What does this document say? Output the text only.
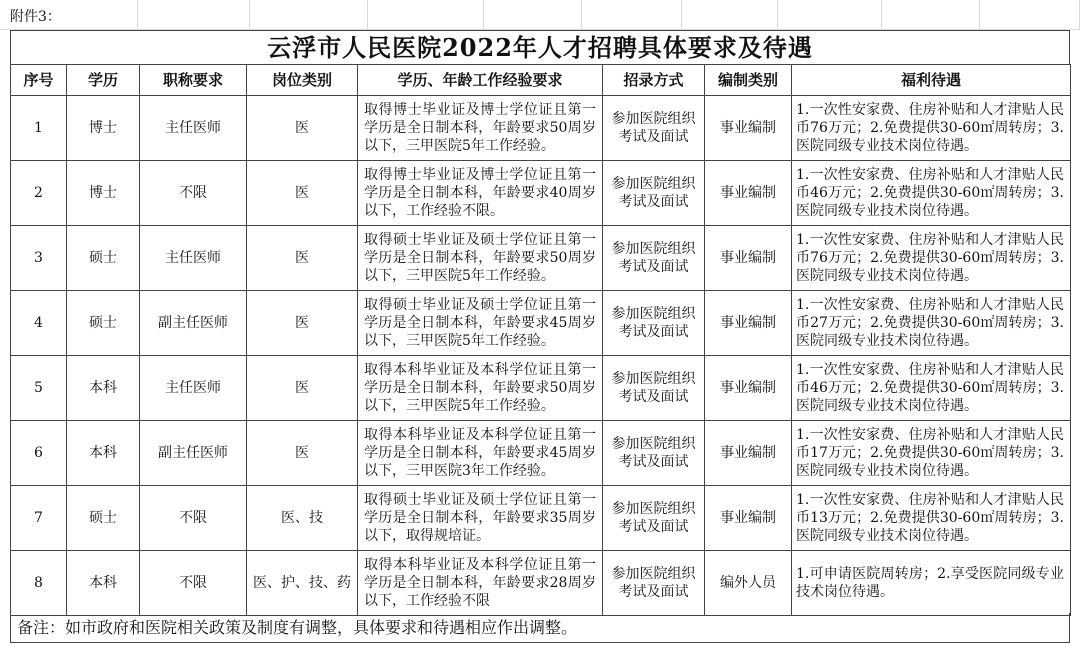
附件3：
云浮市人民医院2022年人才招聘具体要求及待遇
序号	学历	职称要求	岗位类别	学历、年龄工作经验要求	招录方式	编制类别	福利待遇
1	博士	主任医师	医	取得博士毕业证及博士学位证且第一学历是全日制本科，年龄要求50周岁以下，三甲医院5年工作经验。	参加医院组织考试及面试	事业编制	1.一次性安家费、住房补贴和人才津贴人民币76万元；2.免费提供30-60㎡周转房；3.医院同级专业技术岗位待遇。
2	博士	不限	医	取得博士毕业证及博士学位证且第一学历是全日制本科，年龄要求40周岁以下，工作经验不限。	参加医院组织考试及面试	事业编制	1.一次性安家费、住房补贴和人才津贴人民币46万元；2.免费提供30-60㎡周转房；3.医院同级专业技术岗位待遇。
3	硕士	主任医师	医	取得硕士毕业证及硕士学位证且第一学历是全日制本科，年龄要求50周岁以下，三甲医院5年工作经验。	参加医院组织考试及面试	事业编制	1.一次性安家费、住房补贴和人才津贴人民币76万元；2.免费提供30-60㎡周转房；3.医院同级专业技术岗位待遇。
4	硕士	副主任医师	医	取得硕士毕业证及硕士学位证且第一学历是全日制本科，年龄要求45周岁以下，三甲医院5年工作经验。	参加医院组织考试及面试	事业编制	1.一次性安家费、住房补贴和人才津贴人民币27万元；2.免费提供30-60㎡周转房；3.医院同级专业技术岗位待遇。
5	本科	主任医师	医	取得本科毕业证及本科学位证且第一学历是全日制本科，年龄要求50周岁以下，三甲医院5年工作经验。	参加医院组织考试及面试	事业编制	1.一次性安家费、住房补贴和人才津贴人民币46万元；2.免费提供30-60㎡周转房；3.医院同级专业技术岗位待遇。
6	本科	副主任医师	医	取得本科毕业证及本科学位证且第一学历是全日制本科，年龄要求45周岁以下，三甲医院3年工作经验。	参加医院组织考试及面试	事业编制	1.一次性安家费、住房补贴和人才津贴人民币17万元；2.免费提供30-60㎡周转房；3.医院同级专业技术岗位待遇。
7	硕士	不限	医、技	取得硕士毕业证及硕士学位证且第一学历是全日制本科，年龄要求35周岁以下，取得规培证。	参加医院组织考试及面试	事业编制	1.一次性安家费、住房补贴和人才津贴人民币13万元；2.免费提供30-60㎡周转房；3.医院同级专业技术岗位待遇。
8	本科	不限	医、护、技、药	取得本科毕业证及本科学位证且第一学历是全日制本科，年龄要求28周岁以下，工作经验不限	参加医院组织考试及面试	编外人员	1.可申请医院周转房；2.享受医院同级专业技术岗位待遇。
备注：如市政府和医院相关政策及制度有调整，具体要求和待遇相应作出调整。
